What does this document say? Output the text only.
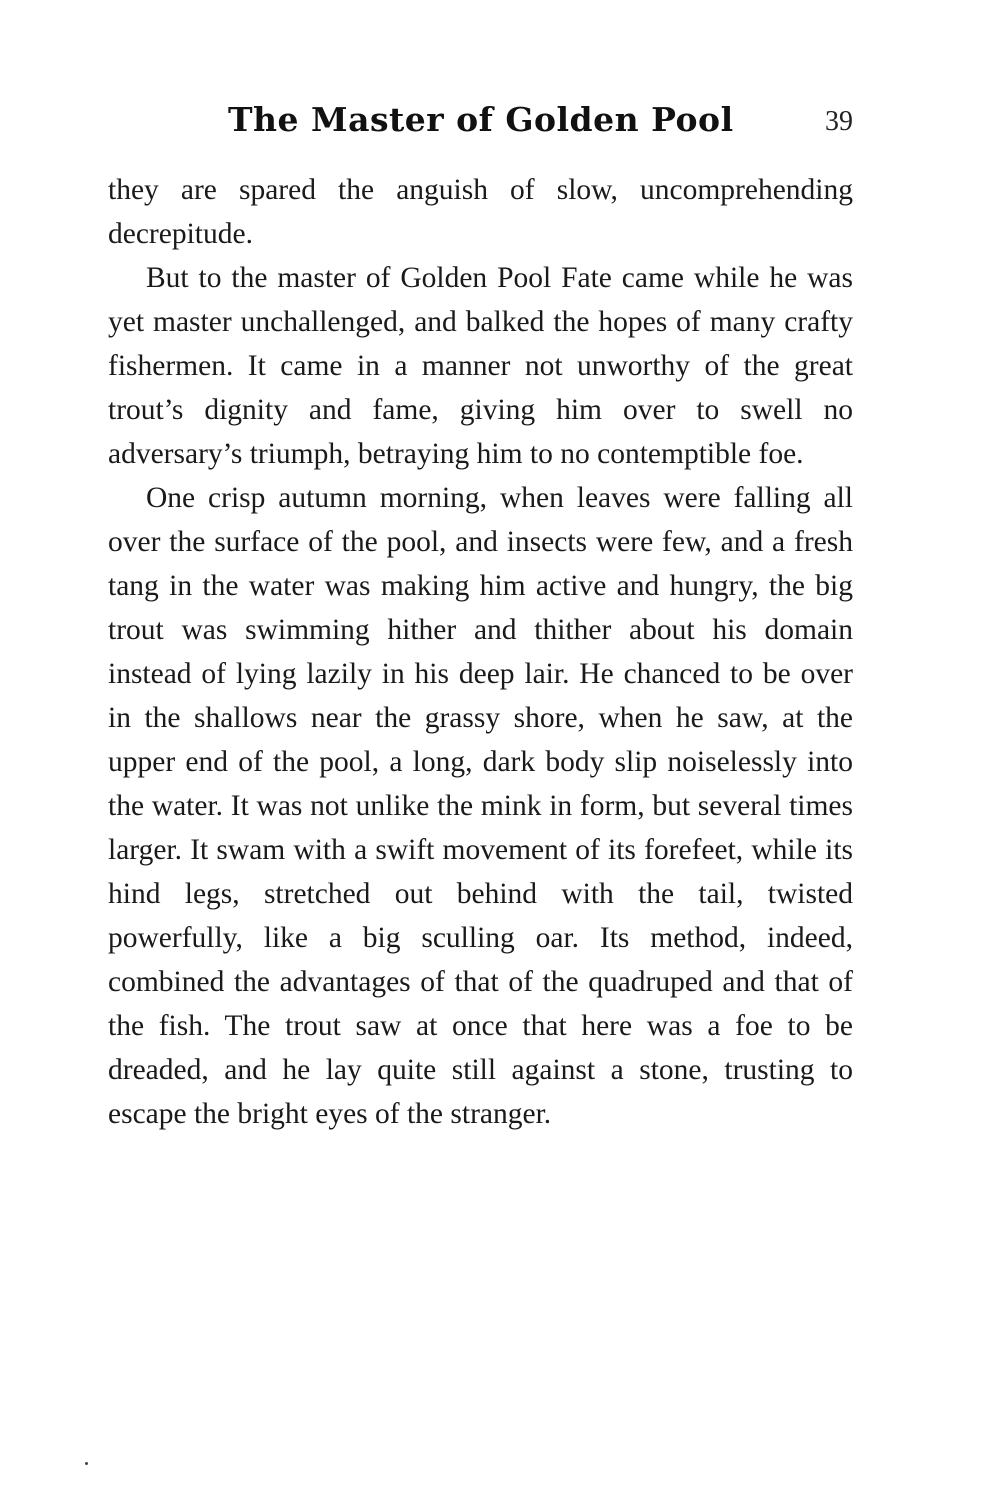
The Master of Golden Pool	39

they are spared the anguish of slow, uncomprehending decrepitude.

But to the master of Golden Pool Fate came while he was yet master unchallenged, and balked the hopes of many crafty fishermen. It came in a manner not unworthy of the great trout’s dignity and fame, giving him over to swell no adversary’s triumph, betraying him to no contemptible foe.

One crisp autumn morning, when leaves were falling all over the surface of the pool, and insects were few, and a fresh tang in the water was making him active and hungry, the big trout was swimming hither and thither about his domain instead of lying lazily in his deep lair. He chanced to be over in the shallows near the grassy shore, when he saw, at the upper end of the pool, a long, dark body slip noiselessly into the water. It was not unlike the mink in form, but several times larger. It swam with a swift movement of its forefeet, while its hind legs, stretched out behind with the tail, twisted powerfully, like a big sculling oar. Its method, indeed, combined the advantages of that of the quadruped and that of the fish. The trout saw at once that here was a foe to be dreaded, and he lay quite still against a stone, trusting to escape the bright eyes of the stranger.
